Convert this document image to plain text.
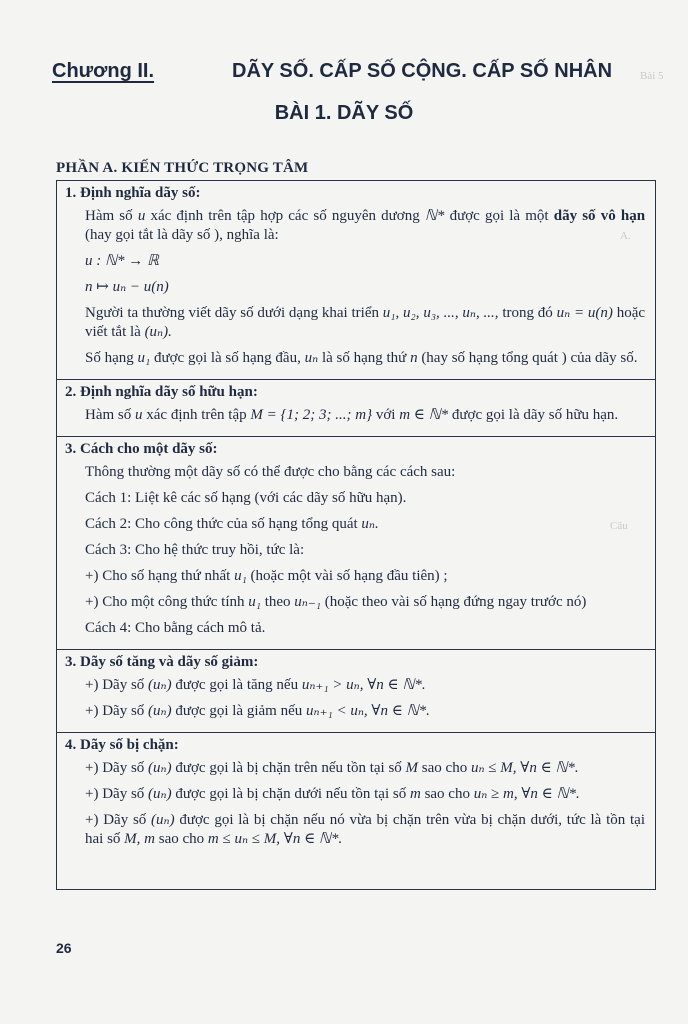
Bài 5
A.
Câu
Chương II.	DÃY SỐ. CẤP SỐ CỘNG. CẤP SỐ NHÂN
BÀI 1. DÃY SỐ
PHẦN A. KIẾN THỨC TRỌNG TÂM
1. Định nghĩa dãy số:
Hàm số u xác định trên tập hợp các số nguyên dương ℕ* được gọi là một dãy số vô hạn (hay gọi tắt là dãy số ), nghĩa là:
u : ℕ* → ℝ
n ↦ uₙ − u(n)
Người ta thường viết dãy số dưới dạng khai triển u₁, u₂, u₃, ..., uₙ, ..., trong đó uₙ = u(n) hoặc viết tắt là (uₙ).
Số hạng u₁ được gọi là số hạng đầu, uₙ là số hạng thứ n (hay số hạng tổng quát ) của dãy số.
2. Định nghĩa dãy số hữu hạn:
Hàm số u xác định trên tập M = {1; 2; 3; ...; m} với m ∈ ℕ* được gọi là dãy số hữu hạn.
3. Cách cho một dãy số:
Thông thường một dãy số có thể được cho bằng các cách sau:
Cách 1: Liệt kê các số hạng (với các dãy số hữu hạn).
Cách 2: Cho công thức của số hạng tổng quát uₙ.
Cách 3: Cho hệ thức truy hồi, tức là:
+) Cho số hạng thứ nhất u₁ (hoặc một vài số hạng đầu tiên) ;
+) Cho một công thức tính u₁ theo uₙ₋₁ (hoặc theo vài số hạng đứng ngay trước nó)
Cách 4: Cho bằng cách mô tả.
3. Dãy số tăng và dãy số giảm:
+) Dãy số (uₙ) được gọi là tăng nếu uₙ₊₁ > uₙ, ∀n ∈ ℕ*.
+) Dãy số (uₙ) được gọi là giảm nếu uₙ₊₁ < uₙ, ∀n ∈ ℕ*.
4. Dãy số bị chặn:
+) Dãy số (uₙ) được gọi là bị chặn trên nếu tồn tại số M sao cho uₙ ≤ M, ∀n ∈ ℕ*.
+) Dãy số (uₙ) được gọi là bị chặn dưới nếu tồn tại số m sao cho uₙ ≥ m, ∀n ∈ ℕ*.
+) Dãy số (uₙ) được gọi là bị chặn nếu nó vừa bị chặn trên vừa bị chặn dưới, tức là tồn tại hai số M, m sao cho m ≤ uₙ ≤ M, ∀n ∈ ℕ*.
26
